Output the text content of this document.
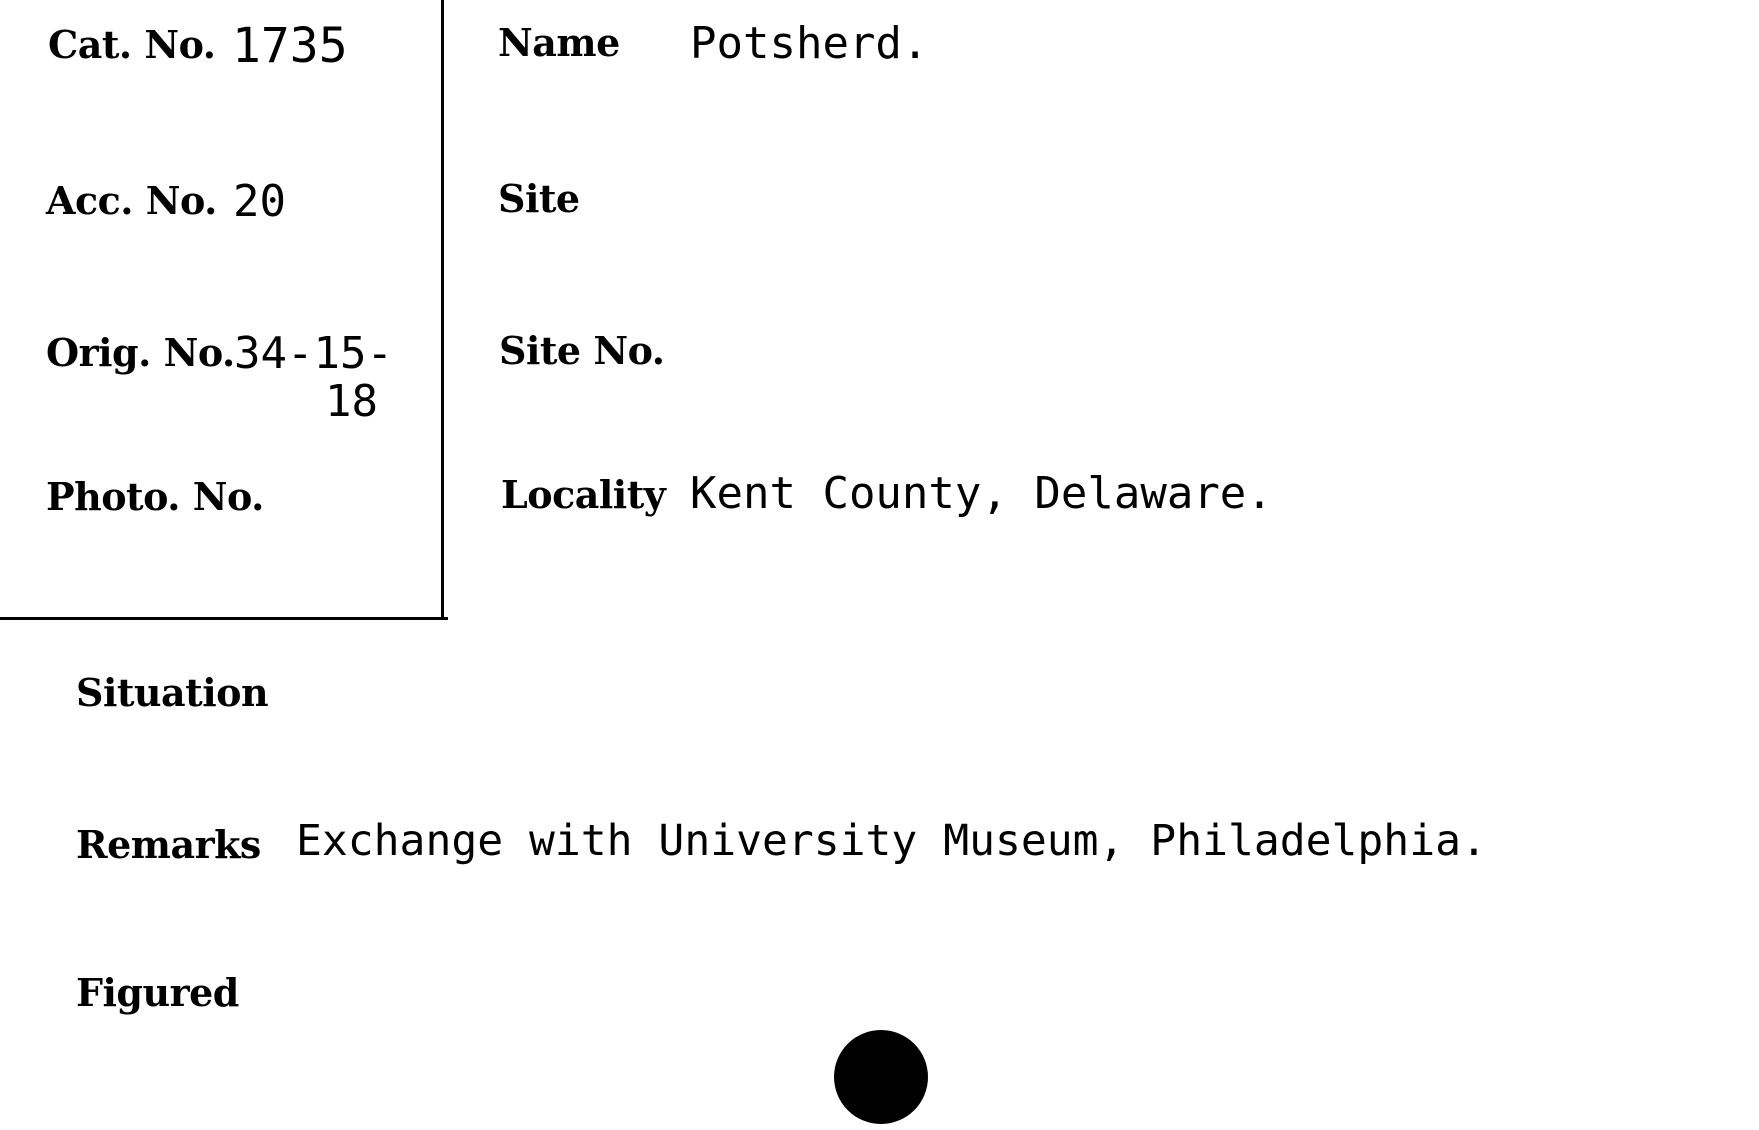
Cat. No. 1735
Acc. No. 20
Orig. No. 34-15-
18
Photo. No.
Name Potsherd.
Site
Site No.
Locality Kent County, Delaware.
Situation
Remarks Exchange with University Museum, Philadelphia.
Figured
